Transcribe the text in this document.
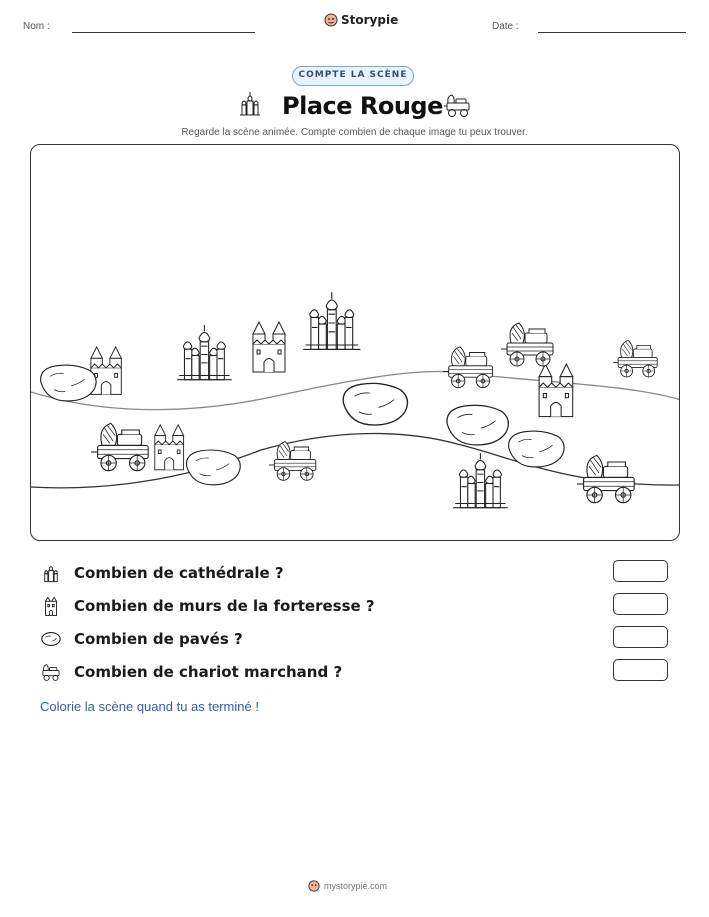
Nom :	Storypie	Date :
COMPTE LA SCÈNE
Place Rouge
Regarde la scène animée. Compte combien de chaque image tu peux trouver.
Combien de cathédrale ?
Combien de murs de la forteresse ?
Combien de pavés ?
Combien de chariot marchand ?
Colorie la scène quand tu as terminé !
mystorypie.com
